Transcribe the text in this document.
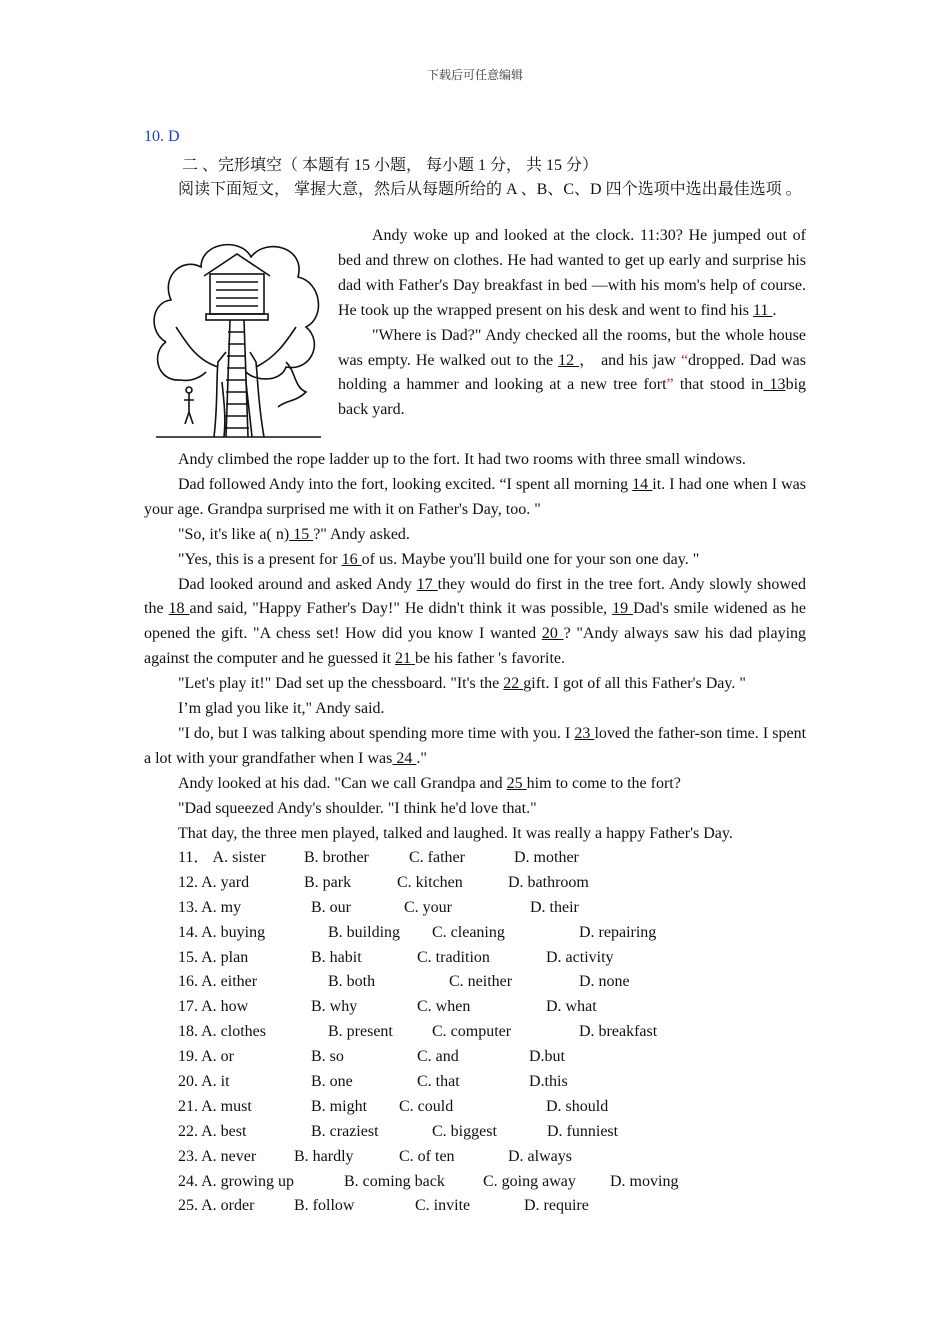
下载后可任意编辑
10. D
二 、完形填空（ 本题有 15 小题， 每小题 1 分， 共 15 分）
阅读下面短文， 掌握大意，然后从每题所给的 A 、B、C、D 四个选项中选出最佳选项 。

Andy woke up and looked at the clock. 11:30? He jumped out of bed and threw on clothes. He had wanted to get up early and surprise his dad with Father's Day breakfast in bed —with his mom's help of course. He took up the wrapped present on his desk and went to find his 11 .

"Where is Dad?" Andy checked all the rooms, but the whole house was empty. He walked out to the 12 ， and his jaw “dropped. Dad was holding a hammer and looking at a new tree fort” that stood in 13big back yard.

Andy climbed the rope ladder up to the fort. It had two rooms with three small windows.

Dad followed Andy into the fort, looking excited. “I spent all morning 14 it. I had one when I was your age. Grandpa surprised me with it on Father's Day, too. "

"So, it's like a( n) 15 ?" Andy asked.

"Yes, this is a present for 16 of us. Maybe you'll build one for your son one day. "

Dad looked around and asked Andy 17 they would do first in the tree fort. Andy slowly showed the 18 and said, "Happy Father's Day!" He didn't think it was possible, 19 Dad's smile widened as he opened the gift. "A chess set! How did you know I wanted 20 ? "Andy always saw his dad playing against the computer and he guessed it 21 be his father 's favorite.

"Let's play it!" Dad set up the chessboard. "It's the 22 gift. I got of all this Father's Day. "

I’m glad you like it," Andy said.

"I do, but I was talking about spending more time with you. I 23 loved the father-son time. I spent a lot with your grandfather when I was 24 ."

Andy looked at his dad. "Can we call Grandpa and 25 him to come to the fort?

"Dad squeezed Andy's shoulder. "I think he'd love that."

That day, the three men played, talked and laughed. It was really a happy Father's Day.

11． A. sister B. brother	C. father	D. mother
12. A. yard	B. park	C. kitchen	D. bathroom
13. A. my	B. our	C. your	D. their
14. A. buying	B. building C. cleaning	D. repairing
15. A. plan	B. habit	C. tradition	D. activity
16. A. either	B. both	C. neither	D. none
17. A. how	B. why	C. when	D. what
18. A. clothes	B. present C. computer	D. breakfast
19. A. or	B. so	C. and	D.but
20. A. it	B. one	C. that	D.this
21. A. must	B. might C. could	D. should
22. A. best	B. craziest	C. biggest	D. funniest
23. A. never B. hardly	C. of ten	D. always
24. A. growing up	B. coming back C. going away D. moving
25. A. order B. follow	C. invite	D. require
